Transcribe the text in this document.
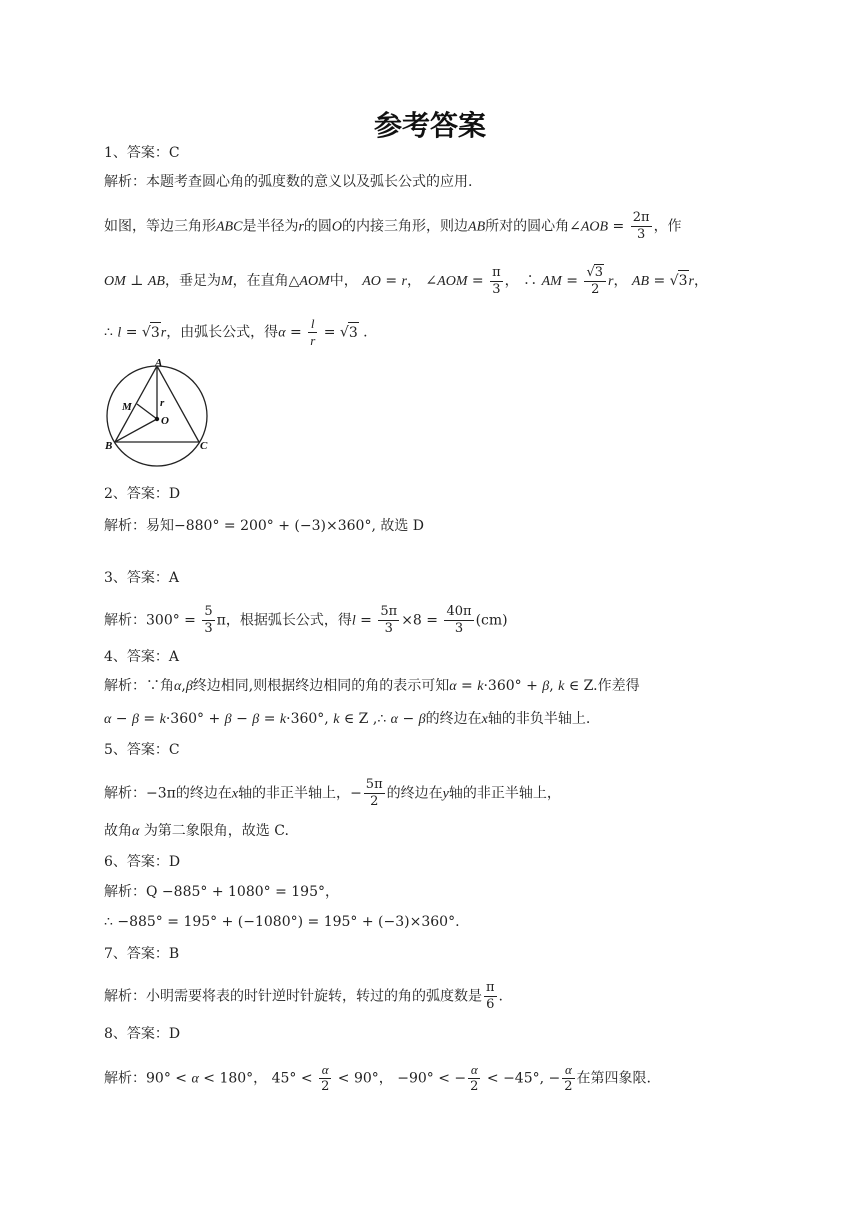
参考答案
1、答案：C
解析：本题考查圆心角的弧度数的意义以及弧长公式的应用.
如图，等边三角形ABC是半径为r的圆O的内接三角形，则边AB所对的圆心角∠AOB = $\frac{2\pi}{3}$ ，作
OM ⊥ AB，垂足为M，在直角△AOM中， AO = r， ∠AOM = $\frac{\pi}{3}$ ， ∴ AM = $\frac{√3}{2}$ r， AB = √3r，
∴ l = √3r，由弧长公式，得$\alpha = \frac{l}{r} = √3$ .
A
M	r
O
B	C
2、答案：D
解析：易知−880° = 200° + (−3)×360°, 故选 D
3、答案：A
解析：$300^\circ = \frac{5}{3}$ π，根据弧长公式，得$l = \frac{5\pi}{3} \times 8 = \frac{40\pi}{3} (cm)$
4、答案：A
解析：∵角α,β终边相同,则根据终边相同的角的表示可知α = k·360° + β, k ∈ Z.作差得
α − β = k·360° + β − β = k·360°, k ∈ Z ,∴ α − β的终边在x轴的非负半轴上.
5、答案：C
解析：−3π的终边在x轴的非正半轴上，− $\frac{5\pi}{2}$ 的终边在y轴的非正半轴上，
故角α 为第二象限角，故选 C.
6、答案：D
解析：Q −885° + 1080° = 195°，
∴ −885° = 195° + (−1080°) = 195° + (−3)×360°.
7、答案：B
解析：小明需要将表的时针逆时针旋转，转过的角的弧度数是 $\frac{\pi}{6}$ .
8、答案：D
解析：90° < α < 180°， $45^\circ < \frac{\alpha}{2} < 90^\circ$， −90° < − $\frac{\alpha}{2} < -45^\circ$, − $\frac{\alpha}{2}$ 在第四象限.
